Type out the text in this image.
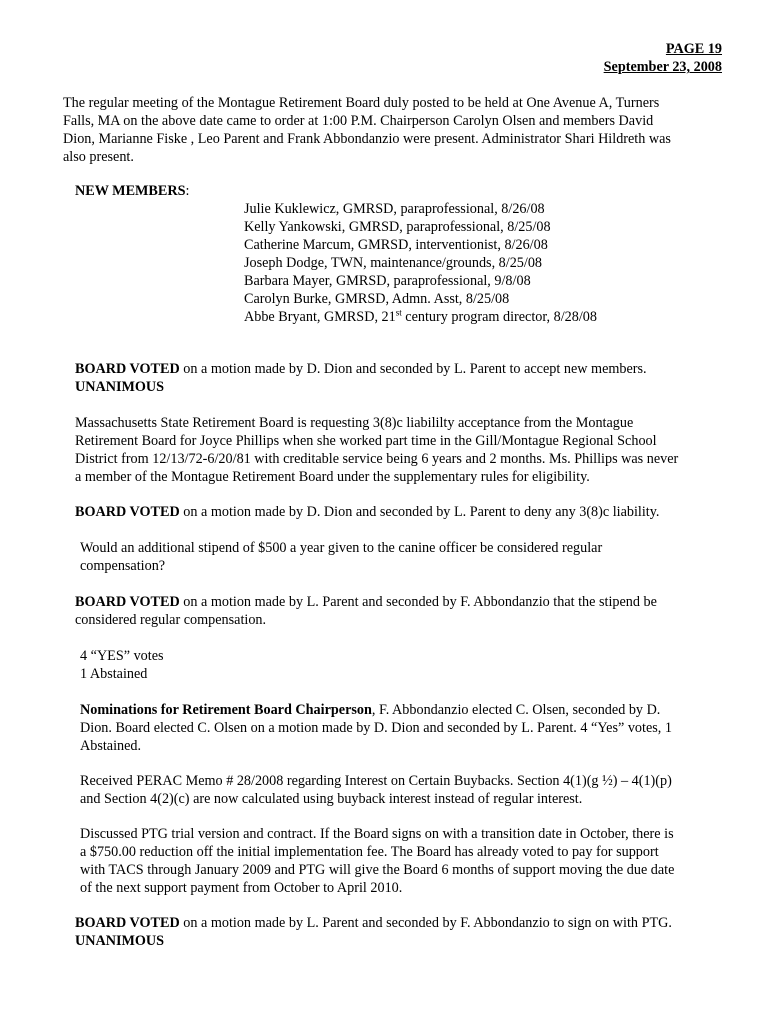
PAGE 19
September 23, 2008
The regular meeting of the Montague Retirement Board duly posted to be held at One Avenue A, Turners
Falls, MA on the above date came to order at 1:00 P.M. Chairperson Carolyn Olsen and members David
Dion, Marianne Fiske , Leo Parent and Frank Abbondanzio were present. Administrator Shari Hildreth was
also present.
NEW MEMBERS:
Julie Kuklewicz, GMRSD, paraprofessional, 8/26/08
Kelly Yankowski, GMRSD, paraprofessional, 8/25/08
Catherine Marcum, GMRSD, interventionist, 8/26/08
Joseph Dodge, TWN, maintenance/grounds, 8/25/08
Barbara Mayer, GMRSD, paraprofessional, 9/8/08
Carolyn Burke, GMRSD, Admn. Asst, 8/25/08
Abbe Bryant, GMRSD, 21st century program director, 8/28/08
BOARD VOTED on a motion made by D. Dion and seconded by L. Parent to accept new members.
UNANIMOUS
Massachusetts State Retirement Board is requesting 3(8)c liabililty acceptance from the Montague
Retirement Board for Joyce Phillips when she worked part time in the Gill/Montague Regional School
District from 12/13/72-6/20/81 with creditable service being 6 years and 2 months. Ms. Phillips was never
a member of the Montague Retirement Board under the supplementary rules for eligibility.
BOARD VOTED on a motion made by D. Dion and seconded by L. Parent to deny any 3(8)c liability.
Would an additional stipend of $500 a year given to the canine officer be considered regular
compensation?
BOARD VOTED on a motion made by L. Parent and seconded by F. Abbondanzio that the stipend be
considered regular compensation.
4 “YES” votes
1 Abstained
Nominations for Retirement Board Chairperson, F. Abbondanzio elected C. Olsen, seconded by D.
Dion. Board elected C. Olsen on a motion made by D. Dion and seconded by L. Parent. 4 “Yes” votes, 1
Abstained.
Received PERAC Memo # 28/2008 regarding Interest on Certain Buybacks. Section 4(1)(g ½) – 4(1)(p)
and Section 4(2)(c) are now calculated using buyback interest instead of regular interest.
Discussed PTG trial version and contract. If the Board signs on with a transition date in October, there is
a $750.00 reduction off the initial implementation fee. The Board has already voted to pay for support
with TACS through January 2009 and PTG will give the Board 6 months of support moving the due date
of the next support payment from October to April 2010.
BOARD VOTED on a motion made by L. Parent and seconded by F. Abbondanzio to sign on with PTG.
UNANIMOUS
